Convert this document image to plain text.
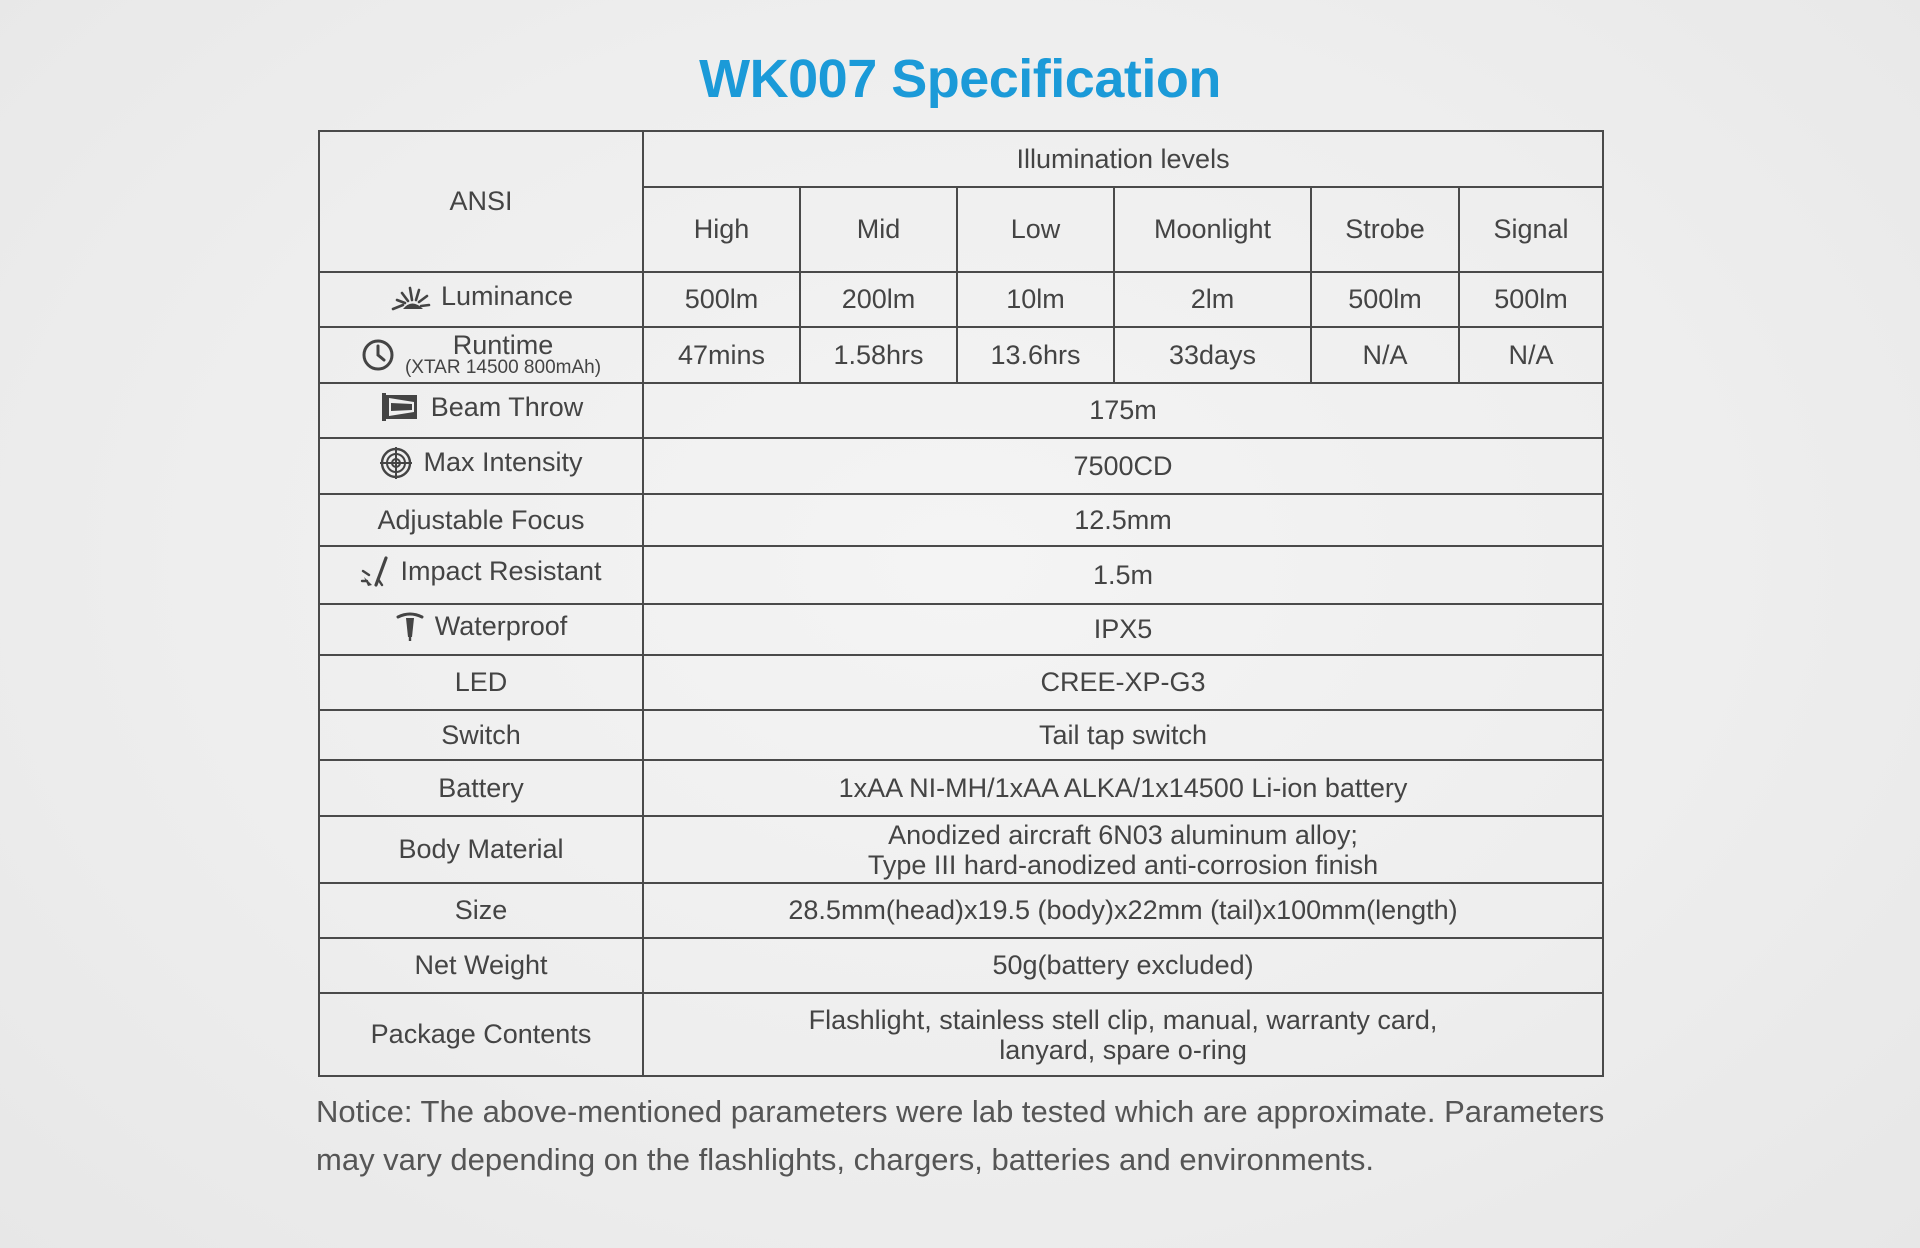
WK007 Specification
ANSI	Illumination levels					
	High	Mid	Low	Moonlight	Strobe	Signal

Luminance	500lm	200lm	10lm	2lm	500lm	500lm

Runtime
(XTAR 14500 800mAh)	47mins	1.58hrs	13.6hrs	33days	N/A	N/A

Beam Throw	175m					

Max Intensity	7500CD					
Adjustable Focus	12.5mm					

Impact Resistant	1.5m					

Waterproof	IPX5					
LED	CREE-XP-G3					
Switch	Tail tap switch					
Battery	1xAA NI-MH/1xAA ALKA/1x14500 Li-ion battery					
Body Material	Anodized aircraft 6N03 aluminum alloy;
Type III hard-anodized anti-corrosion finish					

Size	28.5mm(head)x19.5 (body)x22mm (tail)x100mm(length)					
Net Weight	50g(battery excluded)					
Package Contents	Flashlight, stainless stell clip, manual, warranty card,
lanyard, spare o-ring					

Notice: The above-mentioned parameters were lab tested which are approximate. Parameters may vary depending on the flashlights, chargers, batteries and environments.
